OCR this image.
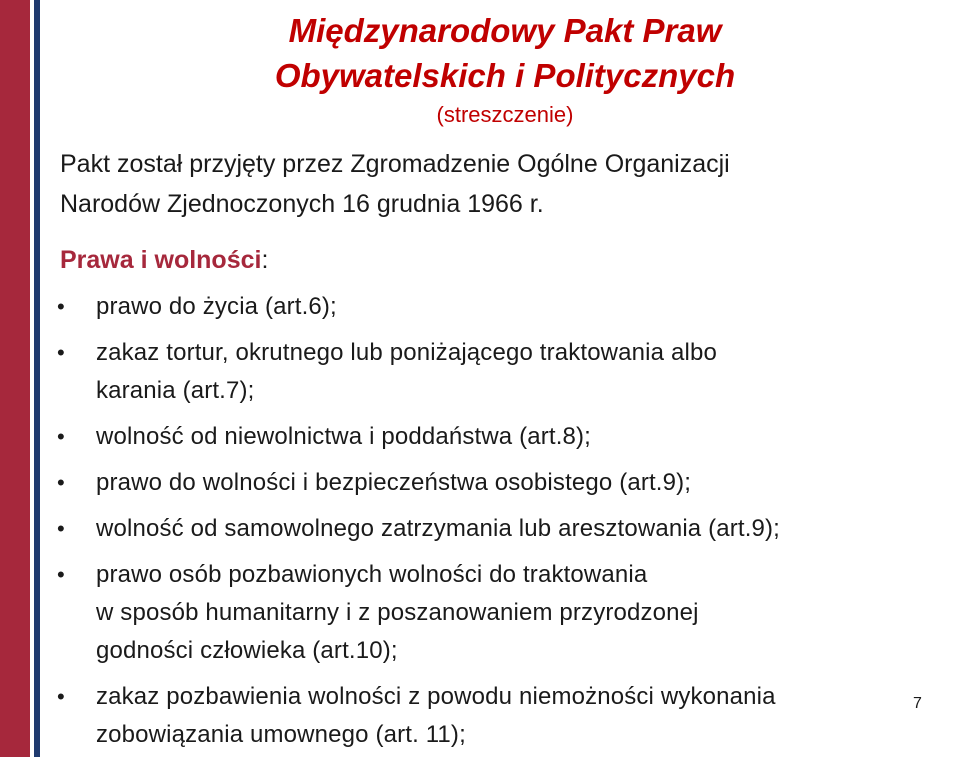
Międzynarodowy Pakt Praw
Obywatelskich i Politycznych
(streszczenie)
Pakt został przyjęty przez Zgromadzenie Ogólne Organizacji
Narodów Zjednoczonych 16 grudnia 1966 r.
Prawa i wolności:
• prawo do życia (art.6);
• zakaz tortur, okrutnego lub poniżającego traktowania albo
karania (art.7);
• wolność od niewolnictwa i poddaństwa (art.8);
• prawo do wolności i bezpieczeństwa osobistego (art.9);
• wolność od samowolnego zatrzymania lub aresztowania (art.9);
• prawo osób pozbawionych wolności do traktowania
w sposób humanitarny i z poszanowaniem przyrodzonej
godności człowieka (art.10);
• zakaz pozbawienia wolności z powodu niemożności wykonania
zobowiązania umownego (art. 11);
7
